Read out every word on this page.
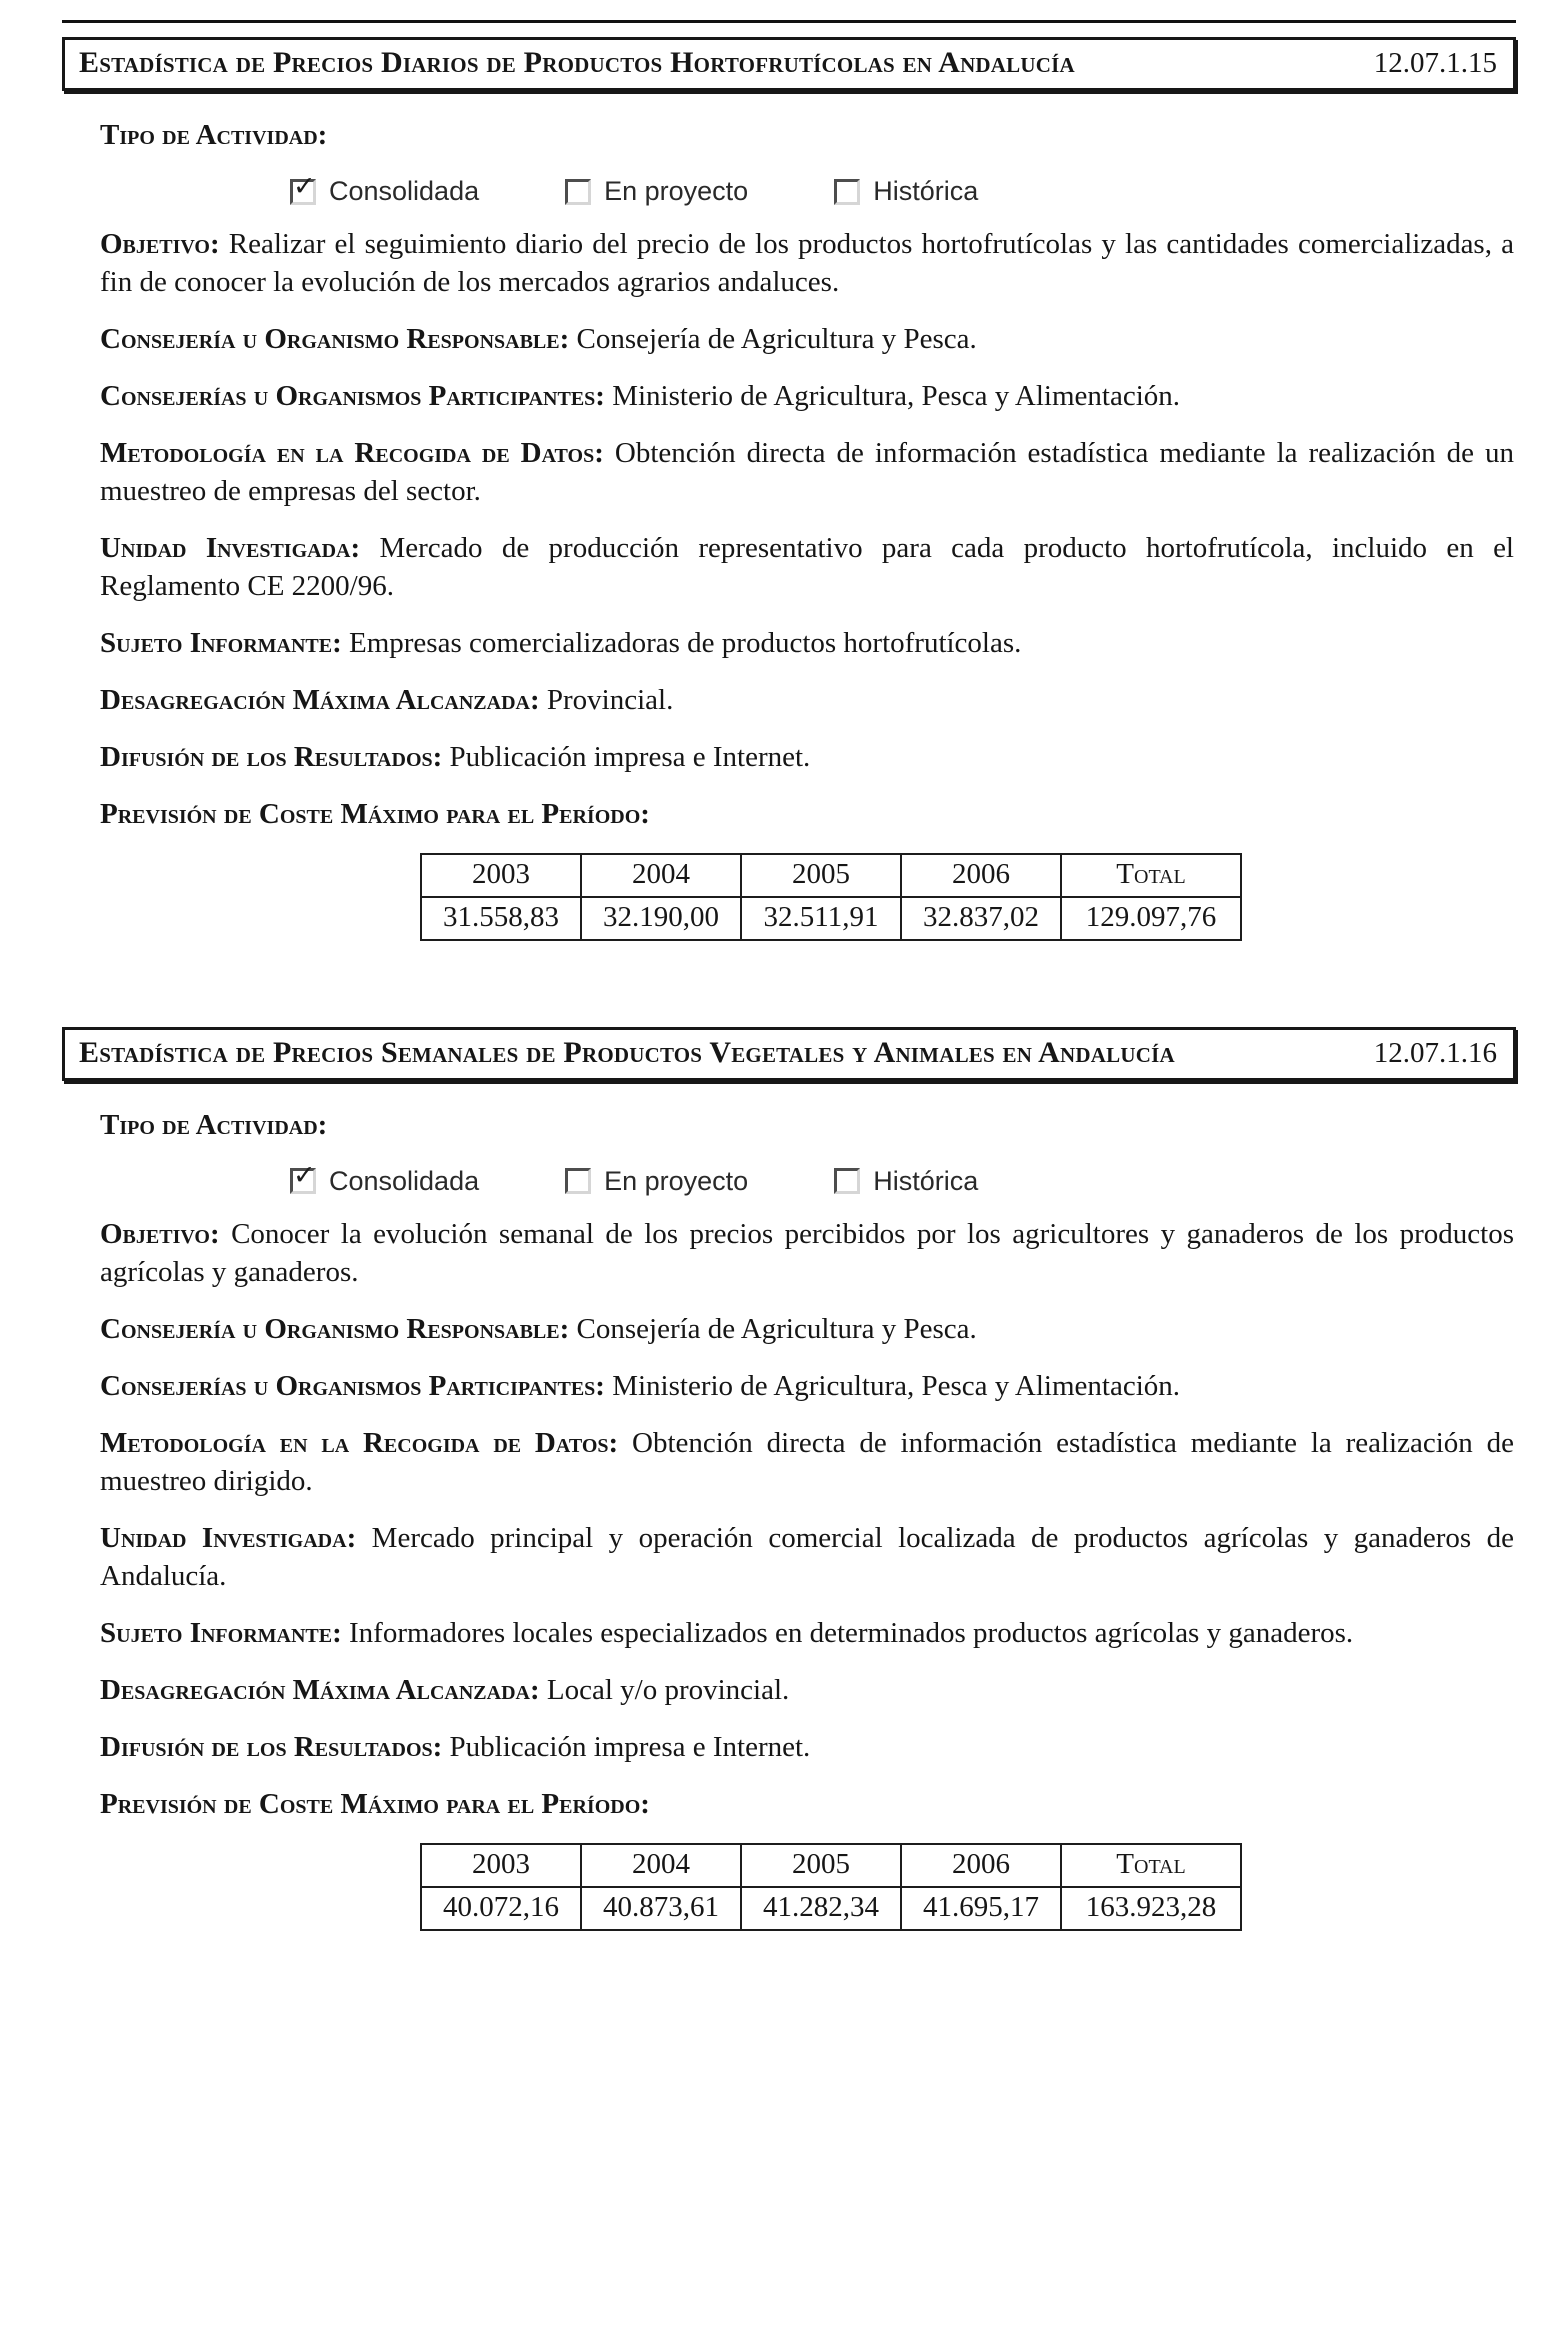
Estadística de Precios Diarios de Productos Hortofrutícolas en Andalucía	12.07.1.15
Tipo de Actividad:
✓ Consolidada	En proyecto	Histórica

Objetivo: Realizar el seguimiento diario del precio de los productos hortofrutícolas y las cantidades comercializadas, a fin de conocer la evolución de los mercados agrarios andaluces.

Consejería u Organismo Responsable: Consejería de Agricultura y Pesca.

Consejerías u Organismos Participantes: Ministerio de Agricultura, Pesca y Alimentación.

Metodología en la Recogida de Datos: Obtención directa de información estadística mediante la realización de un muestreo de empresas del sector.

Unidad Investigada: Mercado de producción representativo para cada producto hortofrutícola, incluido en el Reglamento CE 2200/96.

Sujeto Informante: Empresas comercializadoras de productos hortofrutícolas.

Desagregación Máxima Alcanzada: Provincial.

Difusión de los Resultados: Publicación impresa e Internet.

Previsión de Coste Máximo para el Período:

2003	2004	2005	2006	Total
31.558,83	32.190,00	32.511,91	32.837,02	129.097,76
Estadística de Precios Semanales de Productos Vegetales y Animales en Andalucía	12.07.1.16
Tipo de Actividad:
✓ Consolidada	En proyecto	Histórica

Objetivo: Conocer la evolución semanal de los precios percibidos por los agricultores y ganaderos de los productos agrícolas y ganaderos.

Consejería u Organismo Responsable: Consejería de Agricultura y Pesca.

Consejerías u Organismos Participantes: Ministerio de Agricultura, Pesca y Alimentación.

Metodología en la Recogida de Datos: Obtención directa de información estadística mediante la realización de muestreo dirigido.

Unidad Investigada: Mercado principal y operación comercial localizada de productos agrícolas y ganaderos de Andalucía.

Sujeto Informante: Informadores locales especializados en determinados productos agrícolas y ganaderos.

Desagregación Máxima Alcanzada: Local y/o provincial.

Difusión de los Resultados: Publicación impresa e Internet.

Previsión de Coste Máximo para el Período:

2003	2004	2005	2006	Total
40.072,16	40.873,61	41.282,34	41.695,17	163.923,28
